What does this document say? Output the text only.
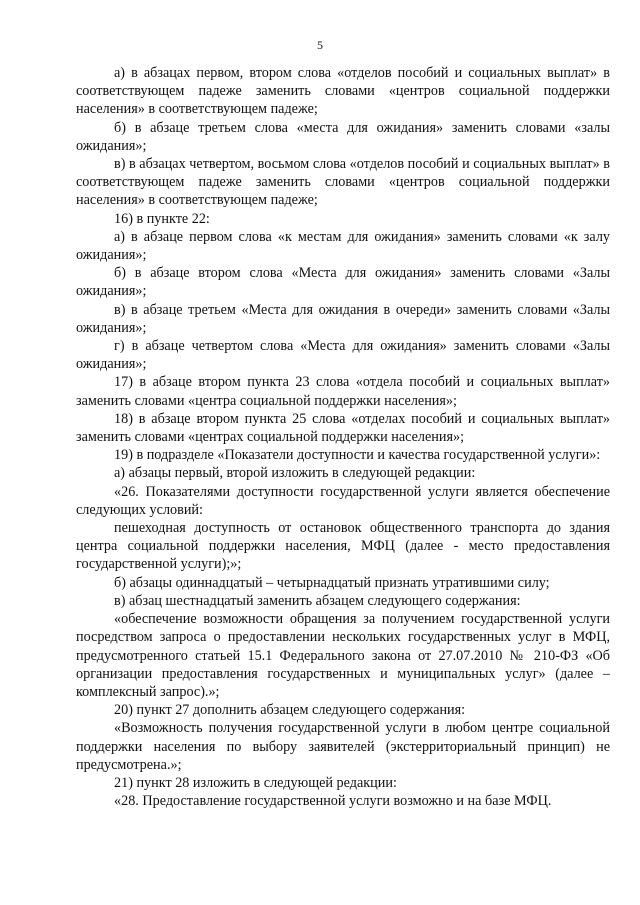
5

а) в абзацах первом, втором слова «отделов пособий и социальных выплат» в соответствующем падеже заменить словами «центров социальной поддержки населения» в соответствующем падеже;

б) в абзаце третьем слова «места для ожидания» заменить словами «залы ожидания»;

в) в абзацах четвертом, восьмом слова «отделов пособий и социальных выплат» в соответствующем падеже заменить словами «центров социальной поддержки населения» в соответствующем падеже;

16) в пункте 22:

а) в абзаце первом слова «к местам для ожидания» заменить словами «к залу ожидания»;

б) в абзаце втором слова «Места для ожидания» заменить словами «Залы ожидания»;

в) в абзаце третьем «Места для ожидания в очереди» заменить словами «Залы ожидания»;

г) в абзаце четвертом слова «Места для ожидания» заменить словами «Залы ожидания»;

17) в абзаце втором пункта 23 слова «отдела пособий и социальных выплат» заменить словами «центра социальной поддержки населения»;

18) в абзаце втором пункта 25 слова «отделах пособий и социальных выплат» заменить словами «центрах социальной поддержки населения»;

19) в подразделе «Показатели доступности и качества государственной услуги»:

а) абзацы первый, второй изложить в следующей редакции:

«26. Показателями доступности государственной услуги является обеспечение следующих условий:

пешеходная доступность от остановок общественного транспорта до здания центра социальной поддержки населения, МФЦ (далее - место предоставления государственной услуги);»;

б) абзацы одиннадцатый – четырнадцатый признать утратившими силу;

в) абзац шестнадцатый заменить абзацем следующего содержания:

«обеспечение возможности обращения за получением государственной услуги посредством запроса о предоставлении нескольких государственных услуг в МФЦ, предусмотренного статьей 15.1 Федерального закона от 27.07.2010 № 210-ФЗ «Об организации предоставления государственных и муниципальных услуг» (далее – комплексный запрос).»;

20) пункт 27 дополнить абзацем следующего содержания:

«Возможность получения государственной услуги в любом центре социальной поддержки населения по выбору заявителей (экстерриториальный принцип) не предусмотрена.»;

21) пункт 28 изложить в следующей редакции:

«28. Предоставление государственной услуги возможно и на базе МФЦ.
